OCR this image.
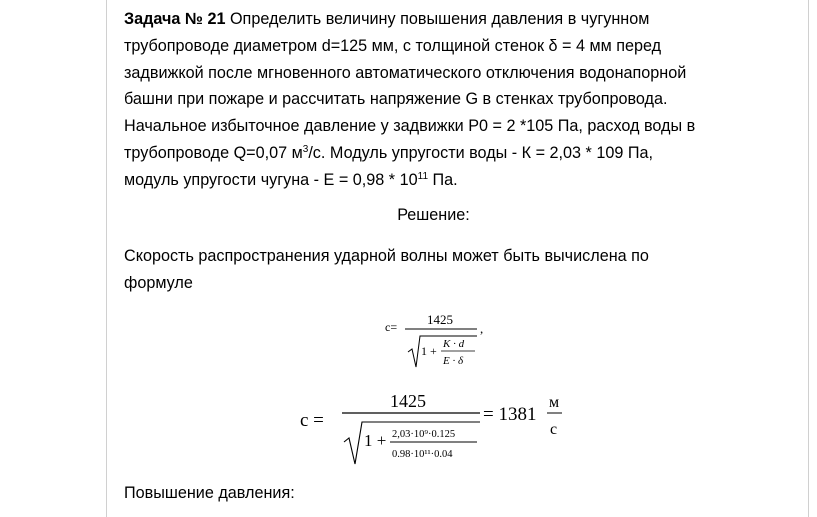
Задача № 21 Определить величину повышения давления в чугунном
трубопроводе диаметром d=125 мм, с толщиной стенок δ = 4 мм перед
задвижкой после мгновенного автоматического отключения водонапорной
башни при пожаре и рассчитать напряжение G в стенках трубопровода.
Начальное избыточное давление у задвижки P0 = 2 *105 Па, расход воды в
трубопроводе Q=0,07 $м^3/с$. Модуль упругости воды - К = 2,03 * 109 Па,
модуль упругости чугуна - $Е = 0,98 * 10^{11}$ Па.
Решение:
Скорость распространения ударной волны может быть вычислена по
формуле
c= 1425
1 + K · d
E · δ
,
c =
1425
1 + 2,03·10⁹·0.125
0.98·10¹¹·0.04
= 1381
м
с
Повышение давления:
